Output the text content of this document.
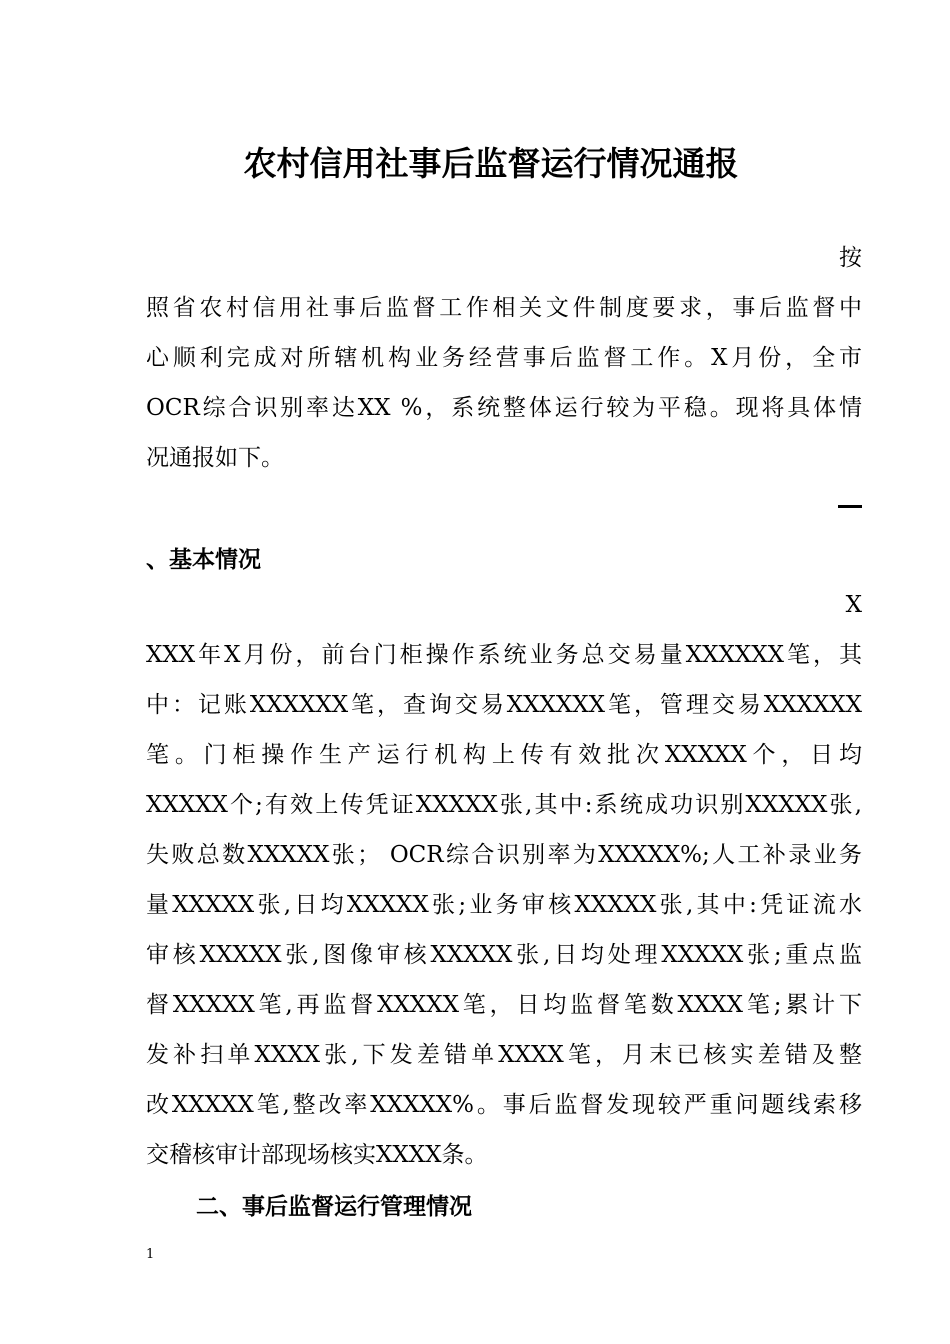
农村信用社事后监督运行情况通报
按
照省农村信用社事后监督工作相关文件制度要求，事后监督中
心顺利完成对所辖机构业务经营事后监督工作。X月份，全市
OCR综合识别率达XX %，系统整体运行较为平稳。现将具体情
况通报如下。
、基本情况
X
XXX年X月份，前台门柜操作系统业务总交易量XXXXXX笔，其
中：记账XXXXXX笔，查询交易XXXXXX笔，管理交易XXXXXX
笔。门柜操作生产运行机构上传有效批次XXXXX个，日均
XXXXX个;有效上传凭证XXXXX张,其中:系统成功识别XXXXX张,
失败总数XXXXX张； OCR综合识别率为XXXXX%;人工补录业务
量XXXXX张,日均XXXXX张;业务审核XXXXX张,其中:凭证流水
审核XXXXX张,图像审核XXXXX张,日均处理XXXXX张;重点监
督XXXXX笔,再监督XXXXX笔，日均监督笔数XXXX笔;累计下
发补扫单XXXX张,下发差错单XXXX笔，月末已核实差错及整
改XXXXX笔,整改率XXXXX%。事后监督发现较严重问题线索移
交稽核审计部现场核实XXXX条。
二、事后监督运行管理情况
1
